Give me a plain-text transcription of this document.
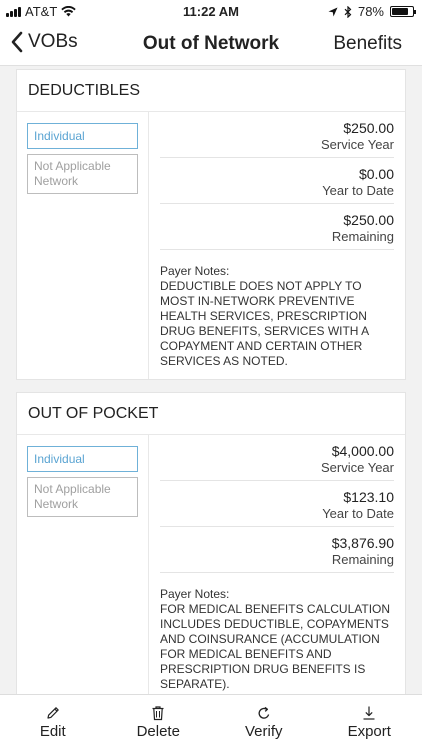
AT&T	11:22 AM	78%
VOBs	Out of Network	Benefits
DEDUCTIBLES
Individual
Not Applicable Network
$250.00
Service Year
$0.00
Year to Date
$250.00
Remaining
Payer Notes:
DEDUCTIBLE DOES NOT APPLY TO MOST IN-NETWORK PREVENTIVE HEALTH SERVICES, PRESCRIPTION DRUG BENEFITS, SERVICES WITH A COPAYMENT AND CERTAIN OTHER SERVICES AS NOTED.
OUT OF POCKET
Individual
Not Applicable Network
$4,000.00
Service Year
$123.10
Year to Date
$3,876.90
Remaining
Payer Notes:
FOR MEDICAL BENEFITS CALCULATION INCLUDES DEDUCTIBLE, COPAYMENTS AND COINSURANCE (ACCUMULATION FOR MEDICAL BENEFITS AND PRESCRIPTION DRUG BENEFITS IS SEPARATE).
Edit	Delete	Verify	Export
